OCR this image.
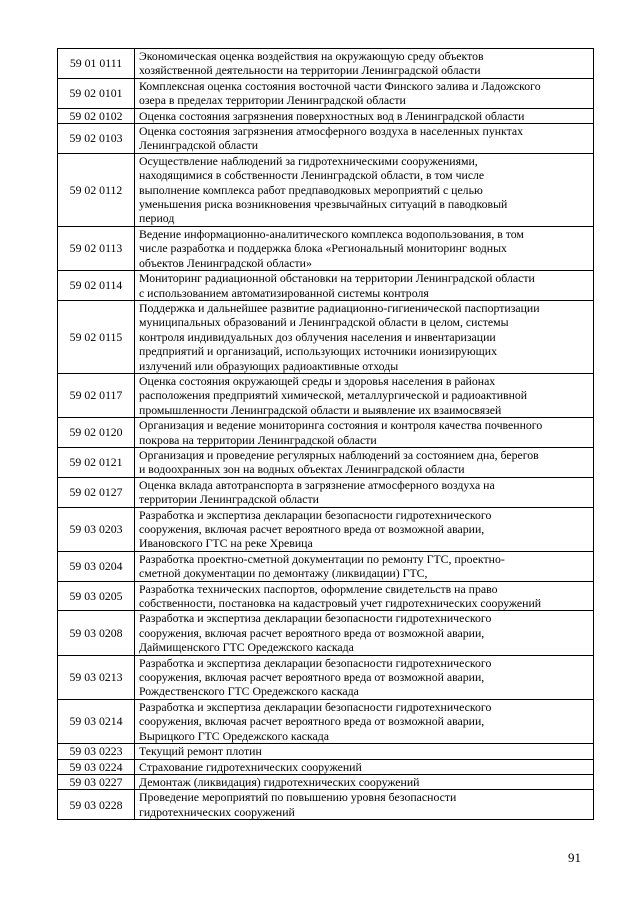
59 01 0111	Экономическая оценка воздействия на окружающую среду объектов
хозяйственной деятельности на территории Ленинградской области

59 02 0101	Комплексная оценка состояния восточной части Финского залива и Ладожского
озера в пределах территории Ленинградской области

59 02 0102	Оценка состояния загрязнения поверхностных вод в Ленинградской области

59 02 0103	Оценка состояния загрязнения атмосферного воздуха в населенных пунктах
Ленинградской области

59 02 0112	Осуществление наблюдений за гидротехническими сооружениями,
находящимися в собственности Ленинградской области, в том числе
выполнение комплекса работ предпаводковых мероприятий с целью
уменьшения риска возникновения чрезвычайных ситуаций в паводковый
период

59 02 0113	Ведение информационно-аналитического комплекса водопользования, в том
числе разработка и поддержка блока «Региональный мониторинг водных
объектов Ленинградской области»

59 02 0114	Мониторинг радиационной обстановки на территории Ленинградской области
с использованием автоматизированной системы контроля

59 02 0115	Поддержка и дальнейшее развитие радиационно-гигиенической паспортизации
муниципальных образований и Ленинградской области в целом, системы
контроля индивидуальных доз облучения населения и инвентаризации
предприятий и организаций, использующих источники ионизирующих
излучений или образующих радиоактивные отходы

59 02 0117	Оценка состояния окружающей среды и здоровья населения в районах
расположения предприятий химической, металлургической и радиоактивной
промышленности Ленинградской области и выявление их взаимосвязей

59 02 0120	Организация и ведение мониторинга состояния и контроля качества почвенного
покрова на территории Ленинградской области

59 02 0121	Организация и проведение регулярных наблюдений за состоянием дна, берегов
и водоохранных зон на водных объектах Ленинградской области

59 02 0127	Оценка вклада автотранспорта в загрязнение атмосферного воздуха на
территории Ленинградской области

59 03 0203	Разработка и экспертиза декларации безопасности гидротехнического
сооружения, включая расчет вероятного вреда от возможной аварии,
Ивановского ГТС на реке Хревица

59 03 0204	Разработка проектно-сметной документации по ремонту ГТС, проектно-
сметной документации по демонтажу (ликвидации) ГТС,

59 03 0205	Разработка технических паспортов, оформление свидетельств на право
собственности, постановка на кадастровый учет гидротехнических сооружений

59 03 0208	Разработка и экспертиза декларации безопасности гидротехнического
сооружения, включая расчет вероятного вреда от возможной аварии,
Даймищенского ГТС Оредежского каскада

59 03 0213	Разработка и экспертиза декларации безопасности гидротехнического
сооружения, включая расчет вероятного вреда от возможной аварии,
Рождественского ГТС Оредежского каскада

59 03 0214	Разработка и экспертиза декларации безопасности гидротехнического
сооружения, включая расчет вероятного вреда от возможной аварии,
Вырицкого ГТС Оредежского каскада

59 03 0223	Текущий ремонт плотин

59 03 0224	Страхование гидротехнических сооружений

59 03 0227	Демонтаж (ликвидация) гидротехнических сооружений

59 03 0228	Проведение мероприятий по повышению уровня безопасности
гидротехнических сооружений
91
